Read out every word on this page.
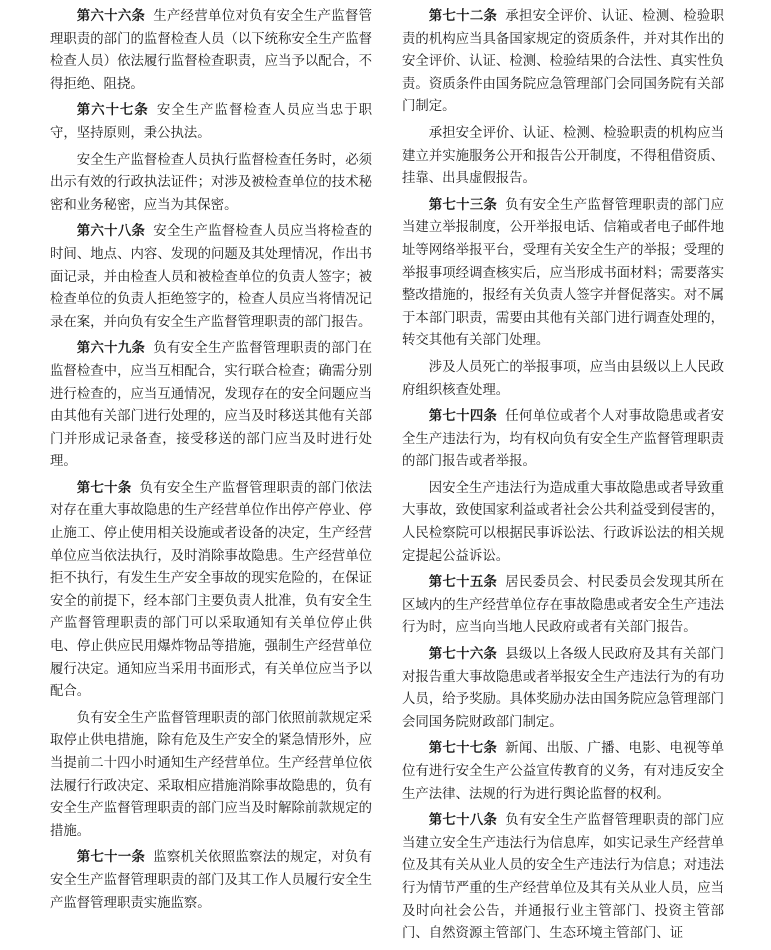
第六十六条 生产经营单位对负有安全生产监督管理职责的部门的监督检查人员（以下统称安全生产监督检查人员）依法履行监督检查职责，应当予以配合，不得拒绝、阻挠。

第六十七条 安全生产监督检查人员应当忠于职守，坚持原则，秉公执法。

安全生产监督检查人员执行监督检查任务时，必须出示有效的行政执法证件；对涉及被检查单位的技术秘密和业务秘密，应当为其保密。

第六十八条 安全生产监督检查人员应当将检查的时间、地点、内容、发现的问题及其处理情况，作出书面记录，并由检查人员和被检查单位的负责人签字；被检查单位的负责人拒绝签字的，检查人员应当将情况记录在案，并向负有安全生产监督管理职责的部门报告。

第六十九条 负有安全生产监督管理职责的部门在监督检查中，应当互相配合，实行联合检查；确需分别进行检查的，应当互通情况，发现存在的安全问题应当由其他有关部门进行处理的，应当及时移送其他有关部门并形成记录备查，接受移送的部门应当及时进行处理。

第七十条 负有安全生产监督管理职责的部门依法对存在重大事故隐患的生产经营单位作出停产停业、停止施工、停止使用相关设施或者设备的决定，生产经营单位应当依法执行，及时消除事故隐患。生产经营单位拒不执行，有发生生产安全事故的现实危险的，在保证安全的前提下，经本部门主要负责人批准，负有安全生产监督管理职责的部门可以采取通知有关单位停止供电、停止供应民用爆炸物品等措施，强制生产经营单位履行决定。通知应当采用书面形式，有关单位应当予以配合。

负有安全生产监督管理职责的部门依照前款规定采取停止供电措施，除有危及生产安全的紧急情形外，应当提前二十四小时通知生产经营单位。生产经营单位依法履行行政决定、采取相应措施消除事故隐患的，负有安全生产监督管理职责的部门应当及时解除前款规定的措施。

第七十一条 监察机关依照监察法的规定，对负有安全生产监督管理职责的部门及其工作人员履行安全生产监督管理职责实施监察。

第七十二条 承担安全评价、认证、检测、检验职责的机构应当具备国家规定的资质条件，并对其作出的安全评价、认证、检测、检验结果的合法性、真实性负责。资质条件由国务院应急管理部门会同国务院有关部门制定。

承担安全评价、认证、检测、检验职责的机构应当建立并实施服务公开和报告公开制度，不得租借资质、挂靠、出具虚假报告。

第七十三条 负有安全生产监督管理职责的部门应当建立举报制度，公开举报电话、信箱或者电子邮件地址等网络举报平台，受理有关安全生产的举报；受理的举报事项经调查核实后，应当形成书面材料；需要落实整改措施的，报经有关负责人签字并督促落实。对不属于本部门职责，需要由其他有关部门进行调查处理的，转交其他有关部门处理。

涉及人员死亡的举报事项，应当由县级以上人民政府组织核查处理。

第七十四条 任何单位或者个人对事故隐患或者安全生产违法行为，均有权向负有安全生产监督管理职责的部门报告或者举报。

因安全生产违法行为造成重大事故隐患或者导致重大事故，致使国家利益或者社会公共利益受到侵害的，人民检察院可以根据民事诉讼法、行政诉讼法的相关规定提起公益诉讼。

第七十五条 居民委员会、村民委员会发现其所在区域内的生产经营单位存在事故隐患或者安全生产违法行为时，应当向当地人民政府或者有关部门报告。

第七十六条 县级以上各级人民政府及其有关部门对报告重大事故隐患或者举报安全生产违法行为的有功人员，给予奖励。具体奖励办法由国务院应急管理部门会同国务院财政部门制定。

第七十七条 新闻、出版、广播、电影、电视等单位有进行安全生产公益宣传教育的义务，有对违反安全生产法律、法规的行为进行舆论监督的权利。

第七十八条 负有安全生产监督管理职责的部门应当建立安全生产违法行为信息库，如实记录生产经营单位及其有关从业人员的安全生产违法行为信息；对违法行为情节严重的生产经营单位及其有关从业人员，应当及时向社会公告，并通报行业主管部门、投资主管部门、自然资源主管部门、生态环境主管部门、证
